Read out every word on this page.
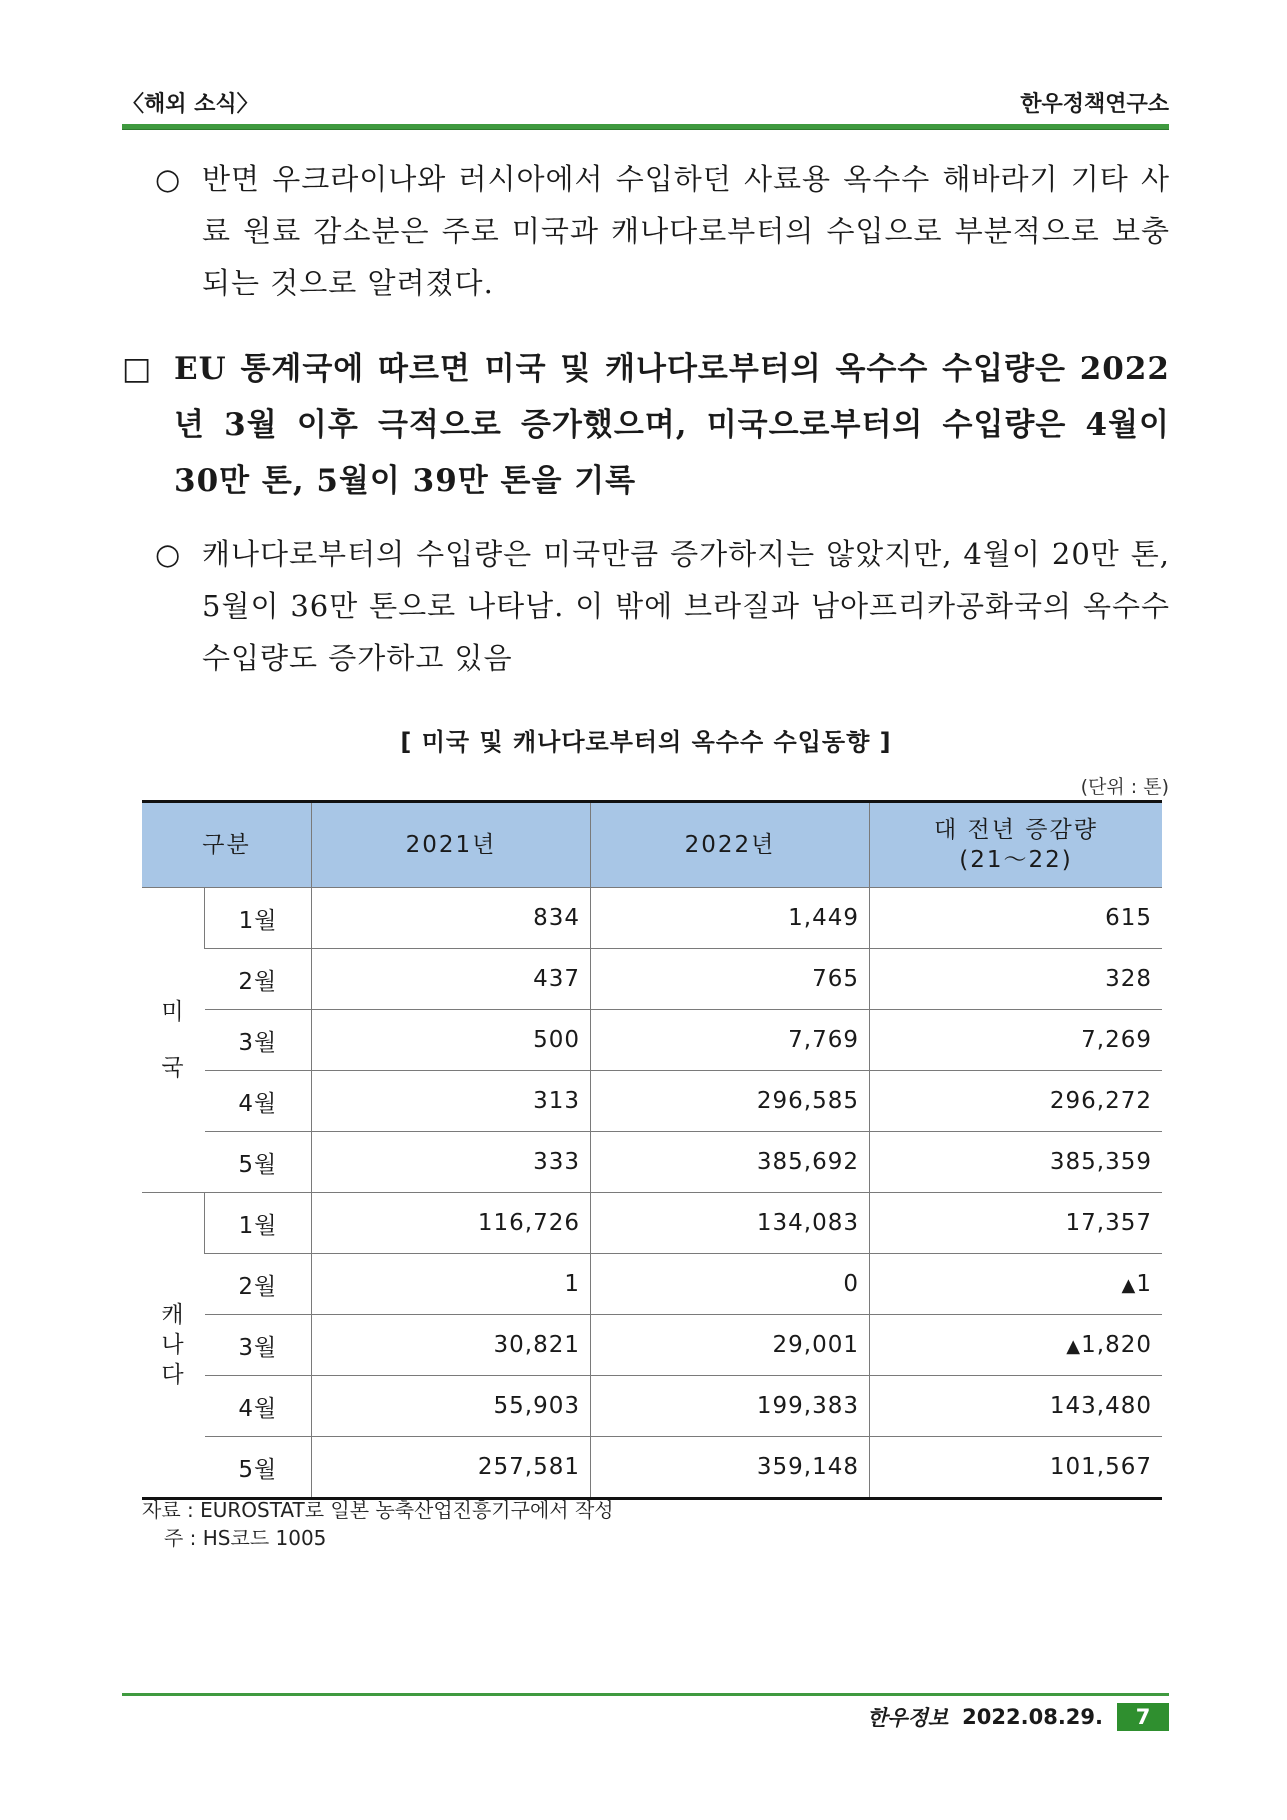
〈해외 소식〉	한우정책연구소
○ 반면 우크라이나와 러시아에서 수입하던 사료용 옥수수 해바라기 기타 사료 원료 감소분은 주로 미국과 캐나다로부터의 수입으로 부분적으로 보충되는 것으로 알려졌다.
□ EU 통계국에 따르면 미국 및 캐나다로부터의 옥수수 수입량은 2022년 3월 이후 극적으로 증가했으며, 미국으로부터의 수입량은 4월이 30만 톤, 5월이 39만 톤을 기록
○ 캐나다로부터의 수입량은 미국만큼 증가하지는 않았지만, 4월이 20만 톤, 5월이 36만 톤으로 나타남. 이 밖에 브라질과 남아프리카공화국의 옥수수 수입량도 증가하고 있음
[ 미국 및 캐나다로부터의 옥수수 수입동향 ]
(단위 : 톤)
구분		2021년	2022년	대 전년 증감량
(21～22)

미
국	1월	834	1,449	615
	2월	437	765	328
	3월	500	7,769	7,269
	4월	313	296,585	296,272
	5월	333	385,692	385,359

캐
나
다	1월	116,726	134,083	17,357
	2월	1	0	▲1
	3월	30,821	29,001	▲1,820
	4월	55,903	199,383	143,480
	5월	257,581	359,148	101,567
자료 : EUROSTAT로 일본 농축산업진흥기구에서 작성
주 : HS코드 1005
한우정보 2022.08.29.	7
